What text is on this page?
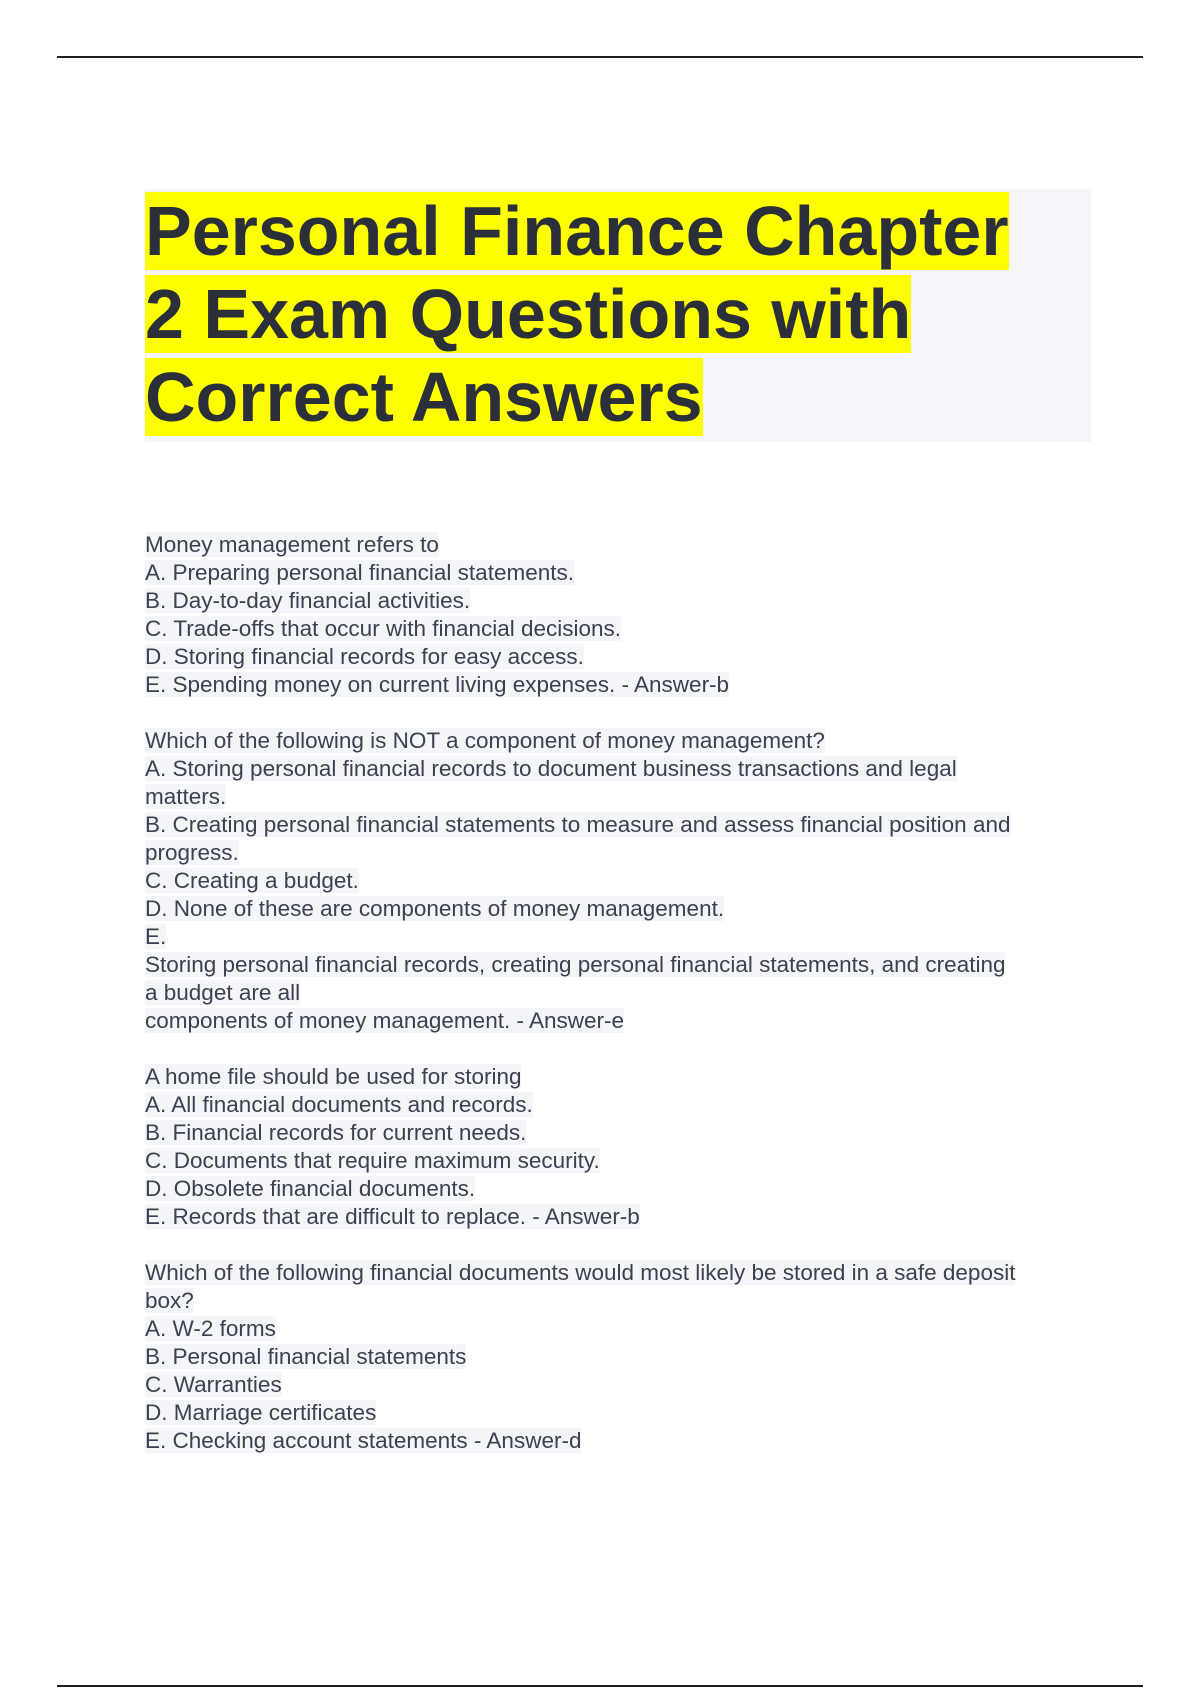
Personal Finance Chapter
2 Exam Questions with
Correct Answers

Money management refers to

A. Preparing personal financial statements.

B. Day-to-day financial activities.

C. Trade-offs that occur with financial decisions.

D. Storing financial records for easy access.

E. Spending money on current living expenses. - Answer-b

Which of the following is NOT a component of money management?

A. Storing personal financial records to document business transactions and legal

matters.

B. Creating personal financial statements to measure and assess financial position and

progress.

C. Creating a budget.

D. None of these are components of money management.

E.

Storing personal financial records, creating personal financial statements, and creating

a budget are all

components of money management. - Answer-e

A home file should be used for storing

A. All financial documents and records.

B. Financial records for current needs.

C. Documents that require maximum security.

D. Obsolete financial documents.

E. Records that are difficult to replace. - Answer-b

Which of the following financial documents would most likely be stored in a safe deposit

box?

A. W-2 forms

B. Personal financial statements

C. Warranties

D. Marriage certificates

E. Checking account statements - Answer-d
